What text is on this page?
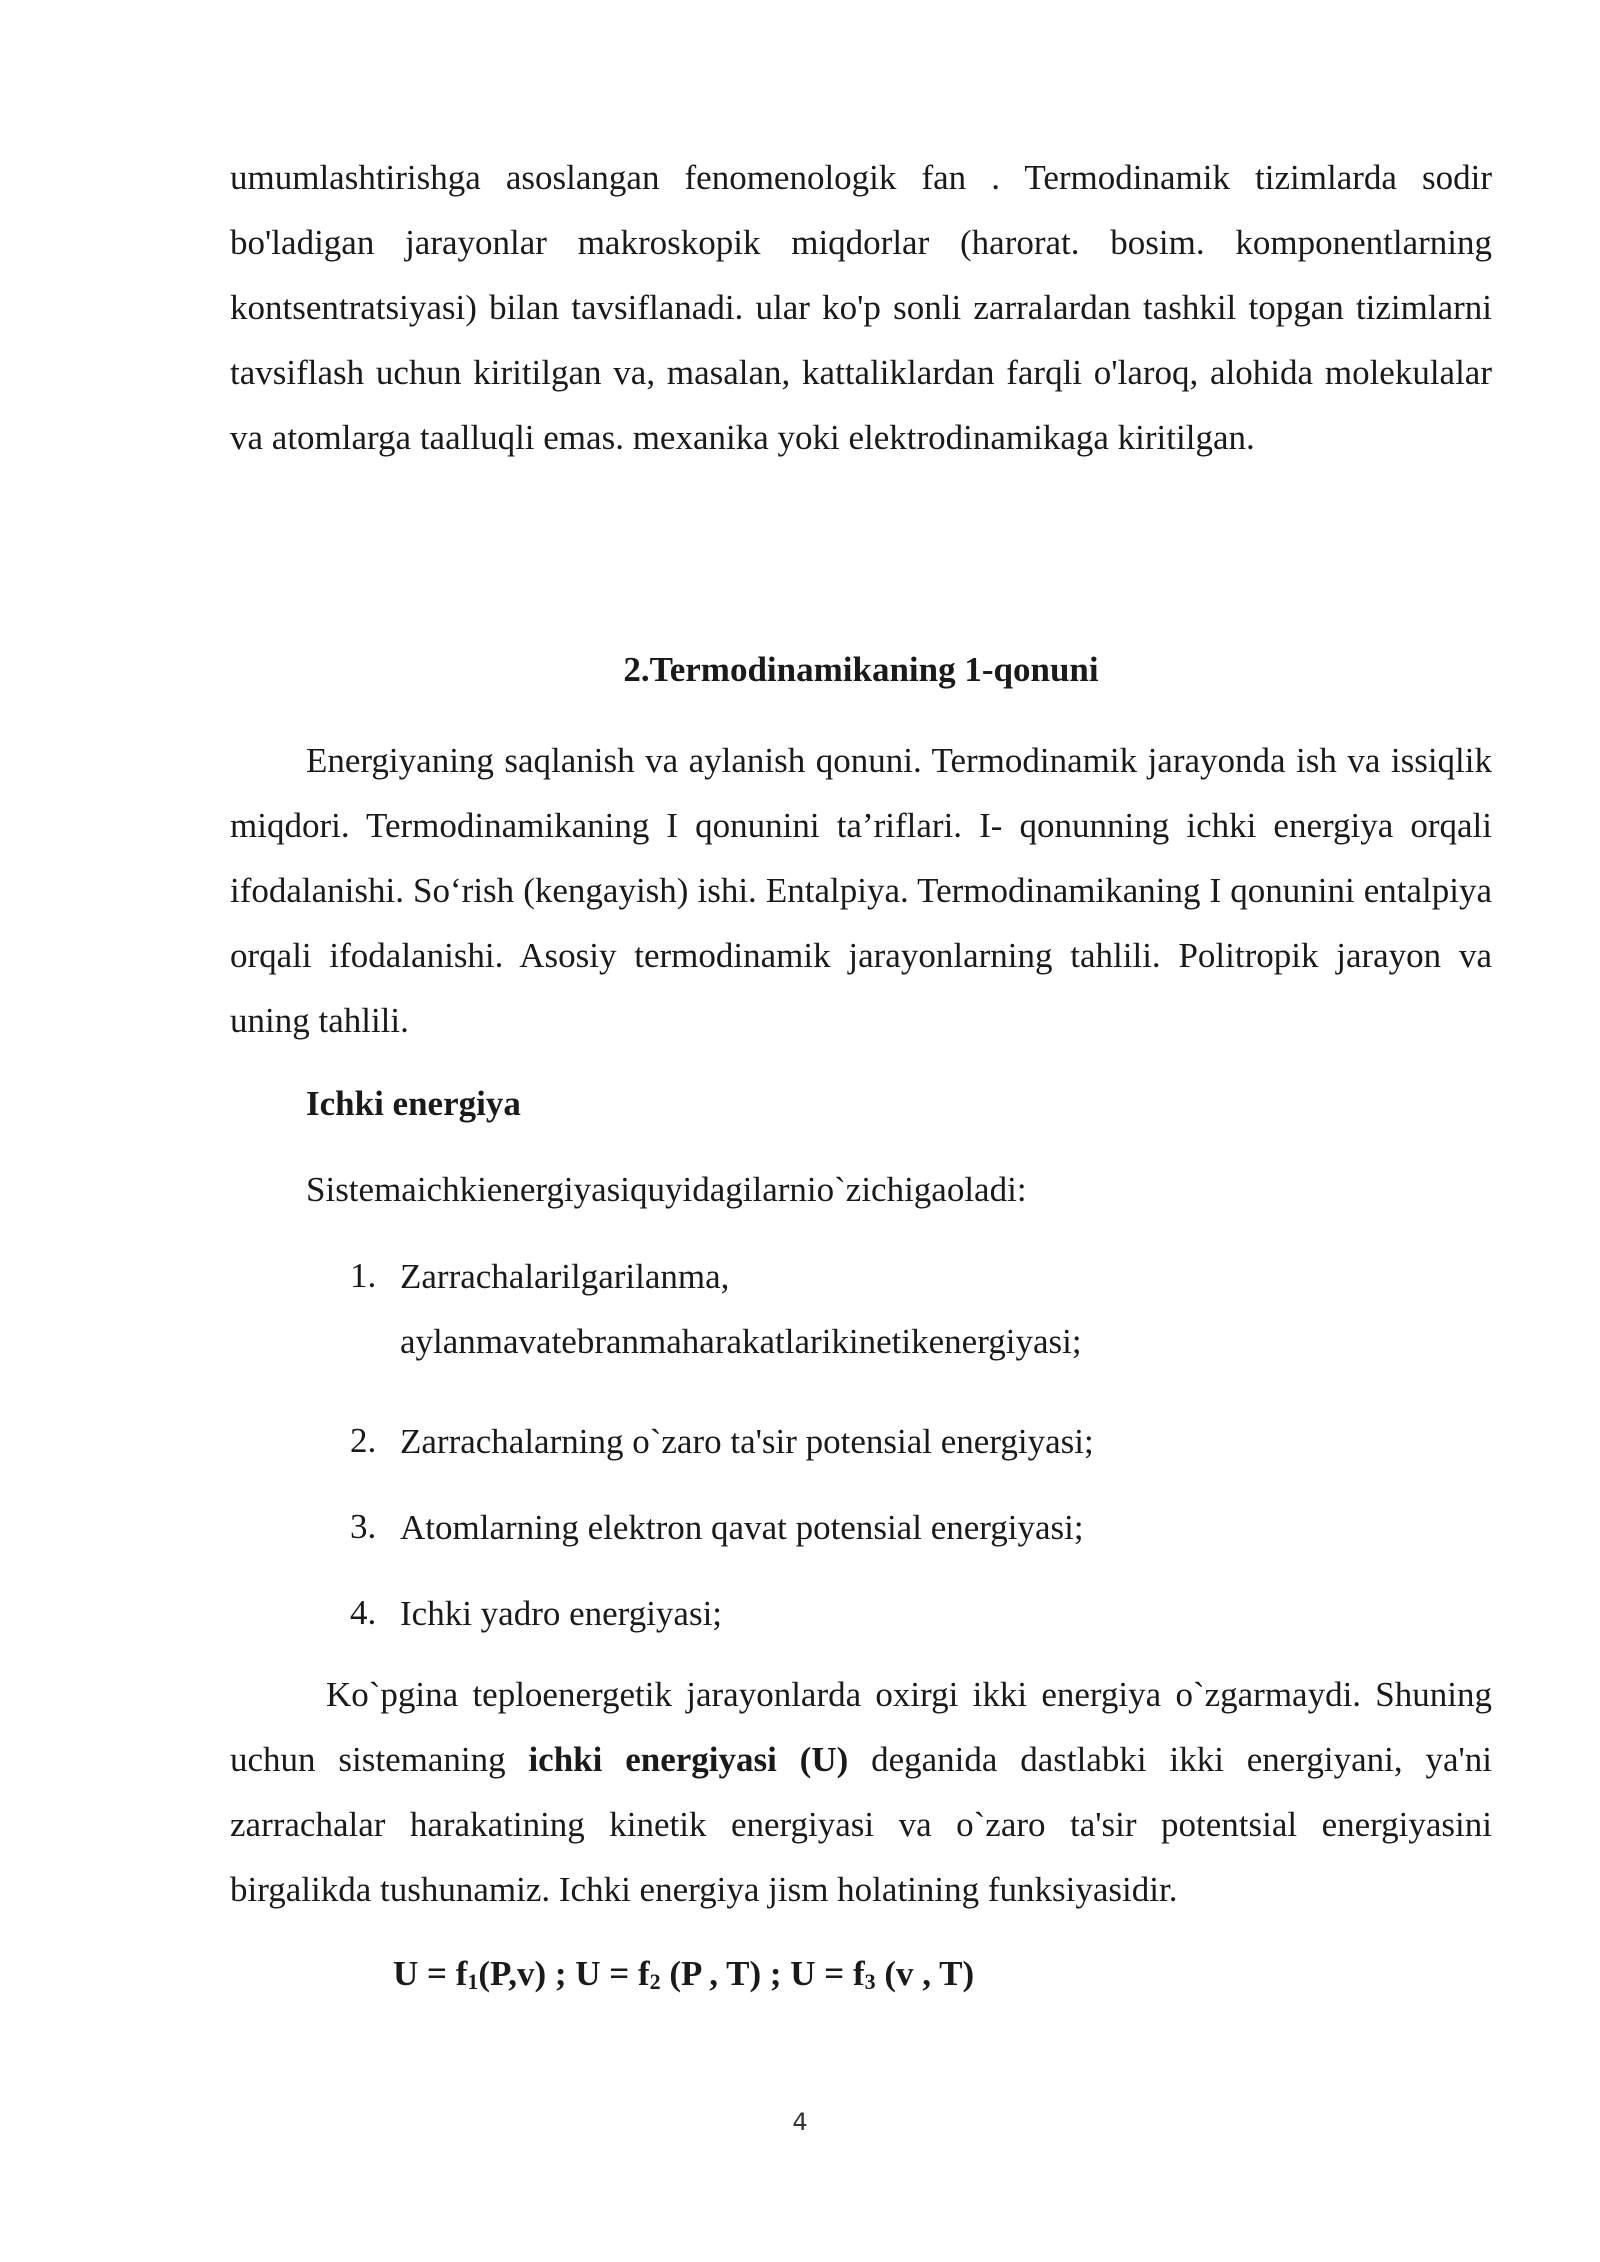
umumlashtirishga asoslangan fenomenologik fan . Termodinamik tizimlarda sodir bo'ladigan jarayonlar makroskopik miqdorlar (harorat. bosim. komponentlarning kontsentratsiyasi) bilan tavsiflanadi. ular ko'p sonli zarralardan tashkil topgan tizimlarni tavsiflash uchun kiritilgan va, masalan, kattaliklardan farqli o'laroq, alohida molekulalar va atomlarga taalluqli emas. mexanika yoki elektrodinamikaga kiritilgan.

2.Termodinamikaning 1-qonuni

Energiyaning saqlanish va aylanish qonuni. Termodinamik jarayonda ish va issiqlik miqdori. Termodinamikaning I qonunini ta’riflari. I- qonunning ichki energiya orqali ifodalanishi. So‘rish (kengayish) ishi. Entalpiya. Termodinamikaning I qonunini entalpiya orqali ifodalanishi. Asosiy termodinamik jarayonlarning tahlili. Politropik jarayon va uning tahlili.

Ichki energiya

Sistemaichkienergiyasiquyidagilarnio`zichigaoladi:

1. Zarrachalarilgarilanma, aylanmavatebranmaharakatlarikinetikenergiyasi;
2. Zarrachalarning o`zaro ta'sir potensial energiyasi;
3. Atomlarning elektron qavat potensial energiyasi;
4. Ichki yadro energiyasi;

Ko`pgina teploenergetik jarayonlarda oxirgi ikki energiya o`zgarmaydi. Shuning uchun sistemaning ichki energiyasi (U) deganida dastlabki ikki energiyani, ya'ni zarrachalar harakatining kinetik energiyasi va o`zaro ta'sir potentsial energiyasini birgalikda tushunamiz. Ichki energiya jism holatining funksiyasidir.

$U = f_1(P,v)$ ; $U = f_2$ (P , T) ; $U = f_3$ (v , T)

4
